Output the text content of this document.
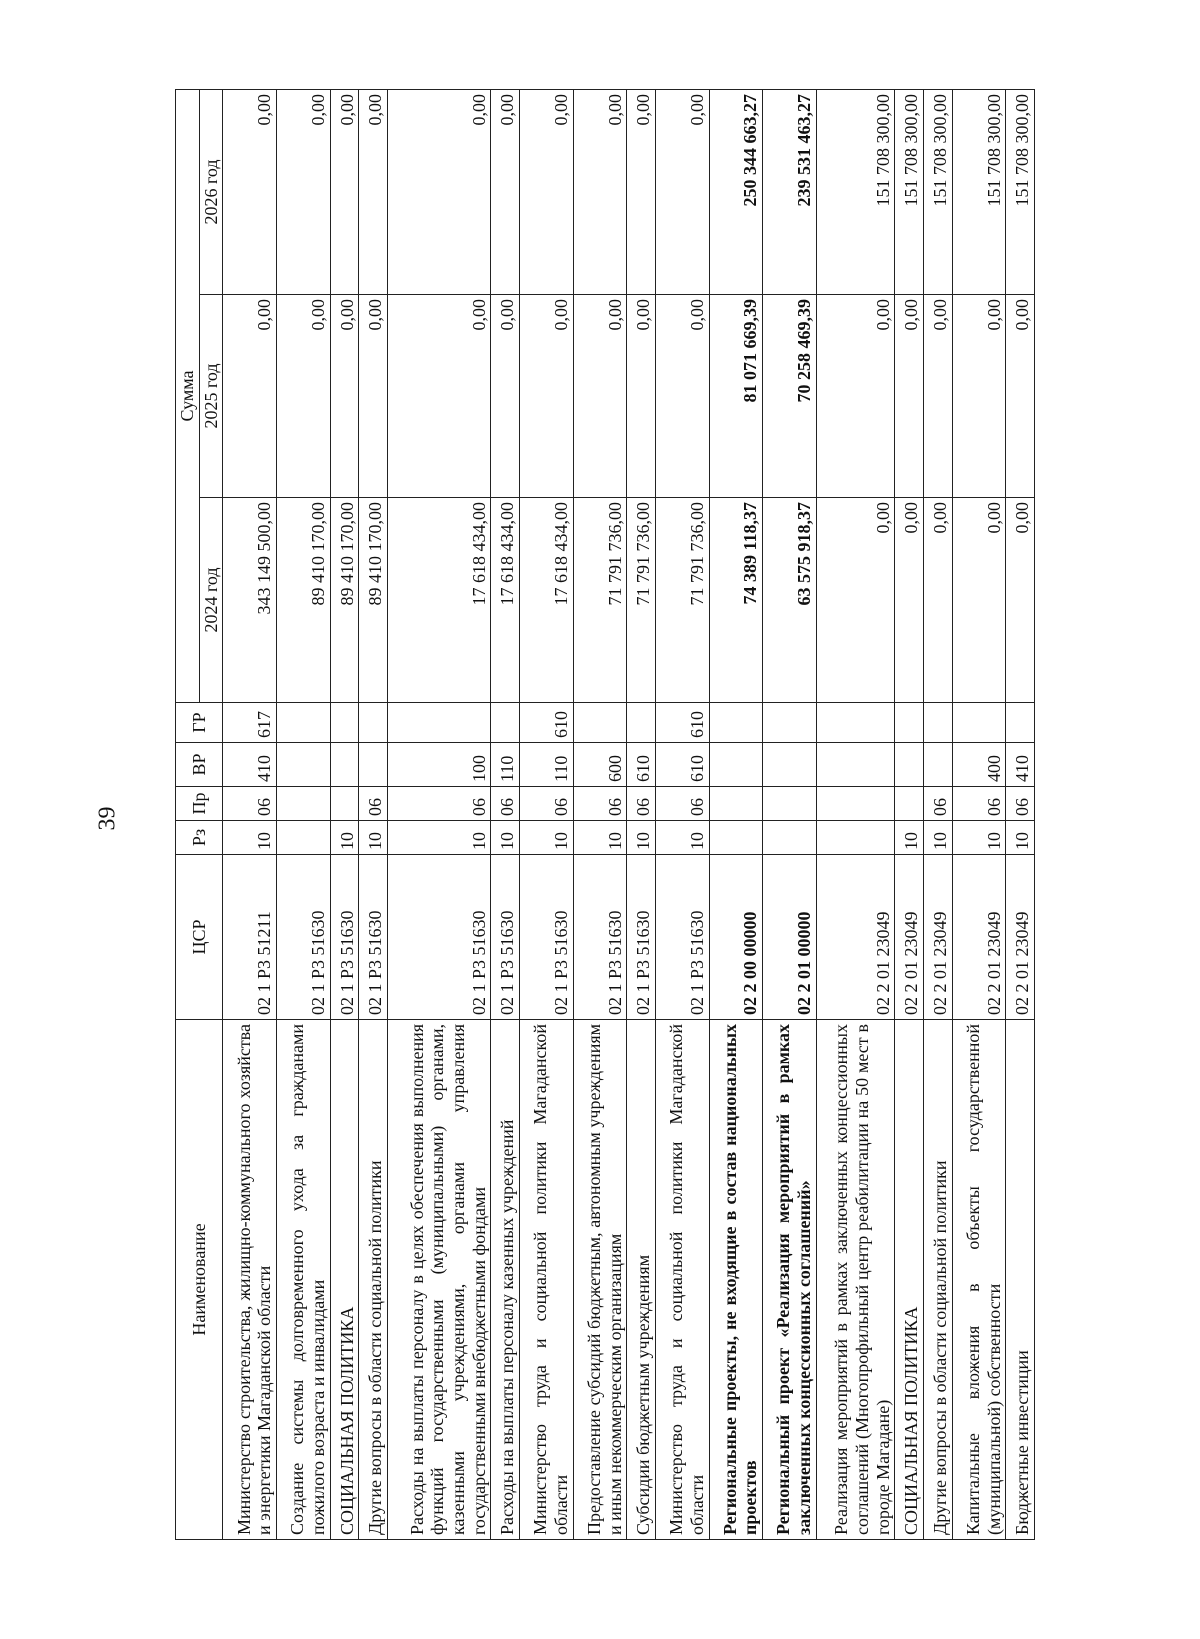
39
Наименование	ЦСР	Рз	Пр	ВР	ГР	Сумма		
						2024 год	2025 год	2026 год
Министерство строительства, жилищно-коммунального хозяйства и энергетики Магаданской области	02 1 Р3 51211	10	06	410	617	343 149 500,00	0,00	0,00
Создание системы долговременного ухода за гражданами пожилого возраста и инвалидами	02 1 Р3 51630					89 410 170,00	0,00	0,00
СОЦИАЛЬНАЯ ПОЛИТИКА	02 1 Р3 51630	10				89 410 170,00	0,00	0,00
Другие вопросы в области социальной политики	02 1 Р3 51630	10	06			89 410 170,00	0,00	0,00
Расходы на выплаты персоналу в целях обеспечения выполнения функций государственными (муниципальными) органами, казенными учреждениями, органами управления государственными внебюджетными фондами	02 1 Р3 51630	10	06	100		17 618 434,00	0,00	0,00
Расходы на выплаты персоналу казенных учреждений	02 1 Р3 51630	10	06	110		17 618 434,00	0,00	0,00
Министерство труда и социальной политики Магаданской области	02 1 Р3 51630	10	06	110	610	17 618 434,00	0,00	0,00
Предоставление субсидий бюджетным, автономным учреждениям и иным некоммерческим организациям	02 1 Р3 51630	10	06	600		71 791 736,00	0,00	0,00
Субсидии бюджетным учреждениям	02 1 Р3 51630	10	06	610		71 791 736,00	0,00	0,00
Министерство труда и социальной политики Магаданской области	02 1 Р3 51630	10	06	610	610	71 791 736,00	0,00	0,00
Региональные проекты, не входящие в состав национальных проектов	02 2 00 00000					74 389 118,37	81 071 669,39	250 344 663,27
Региональный проект «Реализация мероприятий в рамках заключенных концессионных соглашений»	02 2 01 00000					63 575 918,37	70 258 469,39	239 531 463,27
Реализация мероприятий в рамках заключенных концессионных соглашений (Многопрофильный центр реабилитации на 50 мест в городе Магадане)	02 2 01 23049					0,00	0,00	151 708 300,00
СОЦИАЛЬНАЯ ПОЛИТИКА	02 2 01 23049	10				0,00	0,00	151 708 300,00
Другие вопросы в области социальной политики	02 2 01 23049	10	06			0,00	0,00	151 708 300,00
Капитальные вложения в объекты государственной (муниципальной) собственности	02 2 01 23049	10	06	400		0,00	0,00	151 708 300,00
Бюджетные инвестиции	02 2 01 23049	10	06	410		0,00	0,00	151 708 300,00
